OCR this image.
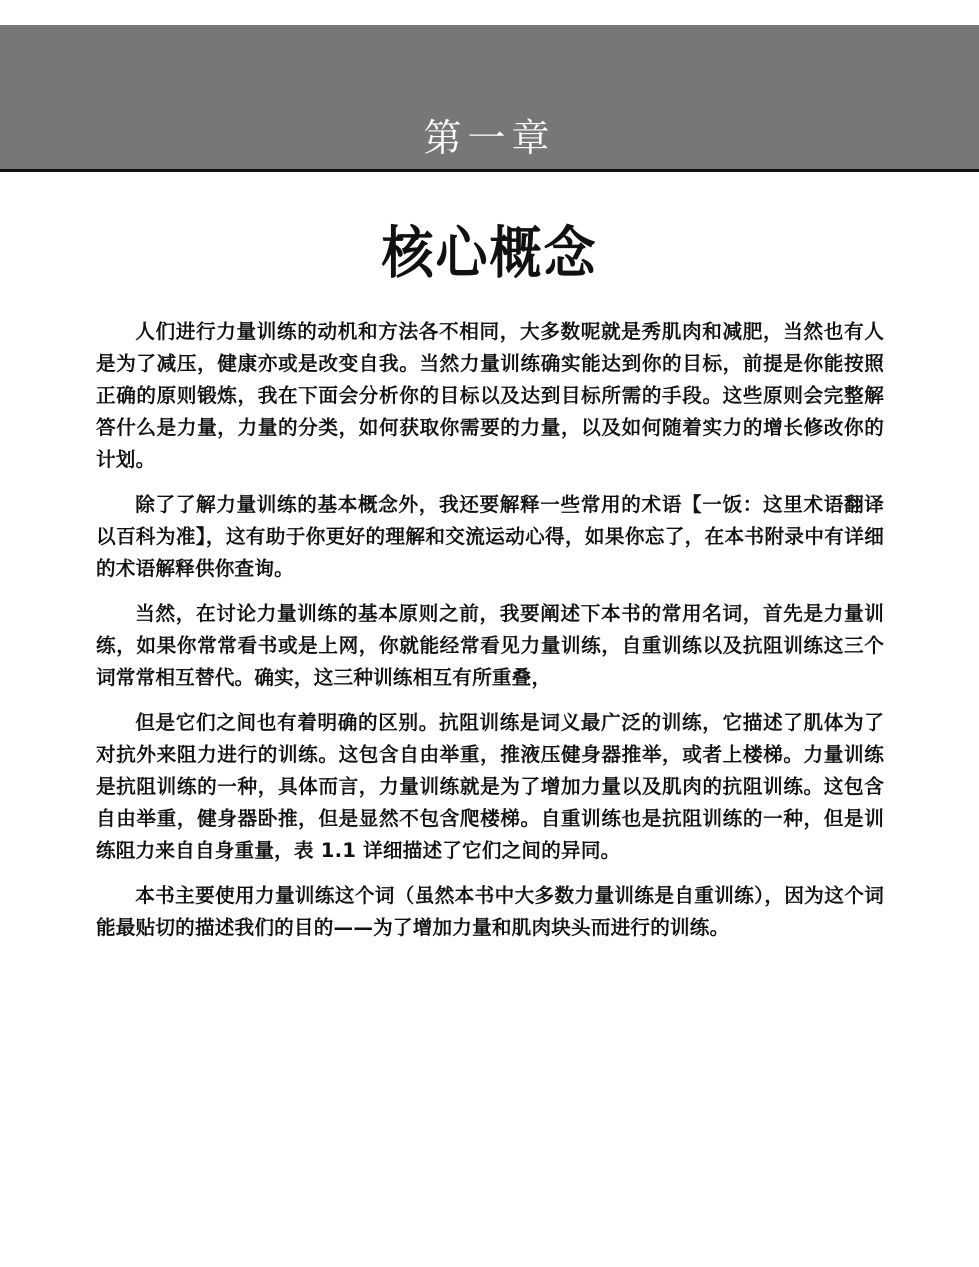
第一章
核心概念

人们进行力量训练的动机和方法各不相同，大多数呢就是秀肌肉和减肥，当然也有人是为了减压，健康亦或是改变自我。当然力量训练确实能达到你的目标，前提是你能按照正确的原则锻炼，我在下面会分析你的目标以及达到目标所需的手段。这些原则会完整解答什么是力量，力量的分类，如何获取你需要的力量，以及如何随着实力的增长修改你的计划。

除了了解力量训练的基本概念外，我还要解释一些常用的术语【一饭：这里术语翻译以百科为准】，这有助于你更好的理解和交流运动心得，如果你忘了，在本书附录中有详细的术语解释供你查询。

当然，在讨论力量训练的基本原则之前，我要阐述下本书的常用名词，首先是力量训练，如果你常常看书或是上网，你就能经常看见力量训练，自重训练以及抗阻训练这三个词常常相互替代。确实，这三种训练相互有所重叠，

但是它们之间也有着明确的区别。抗阻训练是词义最广泛的训练，它描述了肌体为了对抗外来阻力进行的训练。这包含自由举重，推液压健身器推举，或者上楼梯。力量训练是抗阻训练的一种，具体而言，力量训练就是为了增加力量以及肌肉的抗阻训练。这包含自由举重，健身器卧推，但是显然不包含爬楼梯。自重训练也是抗阻训练的一种，但是训练阻力来自自身重量，表 1.1 详细描述了它们之间的异同。

本书主要使用力量训练这个词（虽然本书中大多数力量训练是自重训练），因为这个词能最贴切的描述我们的目的——为了增加力量和肌肉块头而进行的训练。
